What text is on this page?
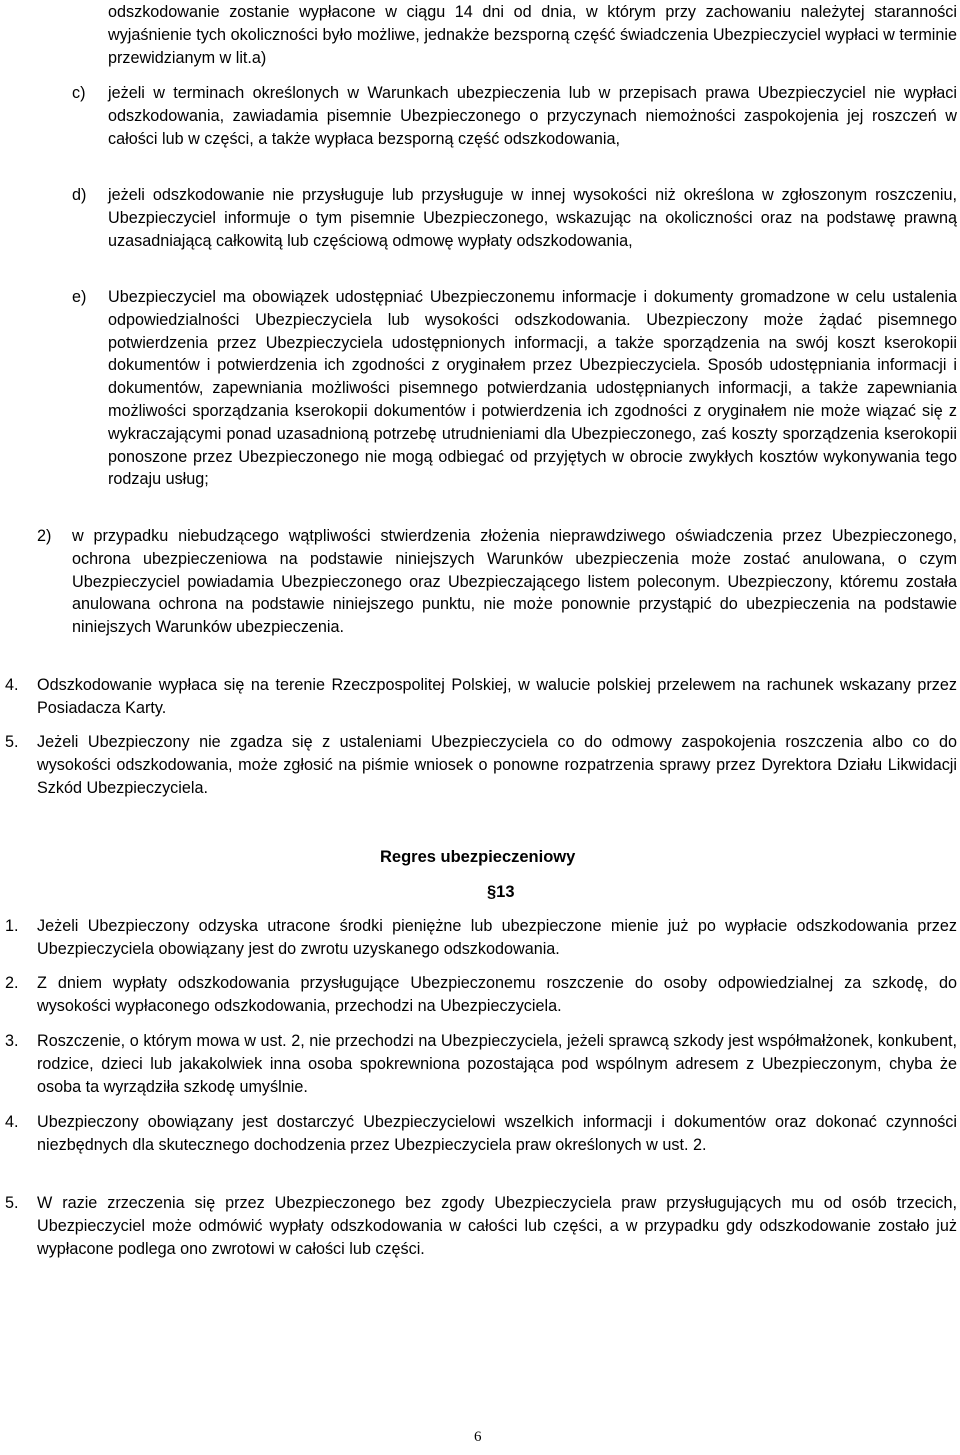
odszkodowanie zostanie wypłacone w ciągu 14 dni od dnia, w którym przy zachowaniu należytej staranności wyjaśnienie tych okoliczności było możliwe, jednakże bezsporną część świadczenia Ubezpieczyciel wypłaci w terminie przewidzianym w lit.a)

c) jeżeli w terminach określonych w Warunkach ubezpieczenia lub w przepisach prawa Ubezpieczyciel nie wypłaci odszkodowania, zawiadamia pisemnie Ubezpieczonego o przyczynach niemożności zaspokojenia jej roszczeń w całości lub w części, a także wypłaca bezsporną część odszkodowania,
d) jeżeli odszkodowanie nie przysługuje lub przysługuje w innej wysokości niż określona w zgłoszonym roszczeniu, Ubezpieczyciel informuje o tym pisemnie Ubezpieczonego, wskazując na okoliczności oraz na podstawę prawną uzasadniającą całkowitą lub częściową odmowę wypłaty odszkodowania,
e) Ubezpieczyciel ma obowiązek udostępniać Ubezpieczonemu informacje i dokumenty gromadzone w celu ustalenia odpowiedzialności Ubezpieczyciela lub wysokości odszkodowania. Ubezpieczony może żądać pisemnego potwierdzenia przez Ubezpieczyciela udostępnionych informacji, a także sporządzenia na swój koszt kserokopii dokumentów i potwierdzenia ich zgodności z oryginałem przez Ubezpieczyciela. Sposób udostępniania informacji i dokumentów, zapewniania możliwości pisemnego potwierdzania udostępnianych informacji, a także zapewniania możliwości sporządzania kserokopii dokumentów i potwierdzenia ich zgodności z oryginałem nie może wiązać się z wykraczającymi ponad uzasadnioną potrzebę utrudnieniami dla Ubezpieczonego, zaś koszty sporządzenia kserokopii ponoszone przez Ubezpieczonego nie mogą odbiegać od przyjętych w obrocie zwykłych kosztów wykonywania tego rodzaju usług;
2) w przypadku niebudzącego wątpliwości stwierdzenia złożenia nieprawdziwego oświadczenia przez Ubezpieczonego, ochrona ubezpieczeniowa na podstawie niniejszych Warunków ubezpieczenia może zostać anulowana, o czym Ubezpieczyciel powiadamia Ubezpieczonego oraz Ubezpieczającego listem poleconym. Ubezpieczony, któremu została anulowana ochrona na podstawie niniejszego punktu, nie może ponownie przystąpić do ubezpieczenia na podstawie niniejszych Warunków ubezpieczenia.
4. Odszkodowanie wypłaca się na terenie Rzeczpospolitej Polskiej, w walucie polskiej przelewem na rachunek wskazany przez Posiadacza Karty.
5. Jeżeli Ubezpieczony nie zgadza się z ustaleniami Ubezpieczyciela co do odmowy zaspokojenia roszczenia albo co do wysokości odszkodowania, może zgłosić na piśmie wniosek o ponowne rozpatrzenia sprawy przez Dyrektora Działu Likwidacji Szkód Ubezpieczyciela.
Regres ubezpieczeniowy
§13
1. Jeżeli Ubezpieczony odzyska utracone środki pieniężne lub ubezpieczone mienie już po wypłacie odszkodowania przez Ubezpieczyciela obowiązany jest do zwrotu uzyskanego odszkodowania.
2. Z dniem wypłaty odszkodowania przysługujące Ubezpieczonemu roszczenie do osoby odpowiedzialnej za szkodę, do wysokości wypłaconego odszkodowania, przechodzi na Ubezpieczyciela.
3. Roszczenie, o którym mowa w ust. 2, nie przechodzi na Ubezpieczyciela, jeżeli sprawcą szkody jest współmałżonek, konkubent, rodzice, dzieci lub jakakolwiek inna osoba spokrewniona pozostająca pod wspólnym adresem z Ubezpieczonym, chyba że osoba ta wyrządziła szkodę umyślnie.
4. Ubezpieczony obowiązany jest dostarczyć Ubezpieczycielowi wszelkich informacji i dokumentów oraz dokonać czynności niezbędnych dla skutecznego dochodzenia przez Ubezpieczyciela praw określonych w ust. 2.
5. W razie zrzeczenia się przez Ubezpieczonego bez zgody Ubezpieczyciela praw przysługujących mu od osób trzecich, Ubezpieczyciel może odmówić wypłaty odszkodowania w całości lub części, a w przypadku gdy odszkodowanie zostało już wypłacone podlega ono zwrotowi w całości lub części.
6
